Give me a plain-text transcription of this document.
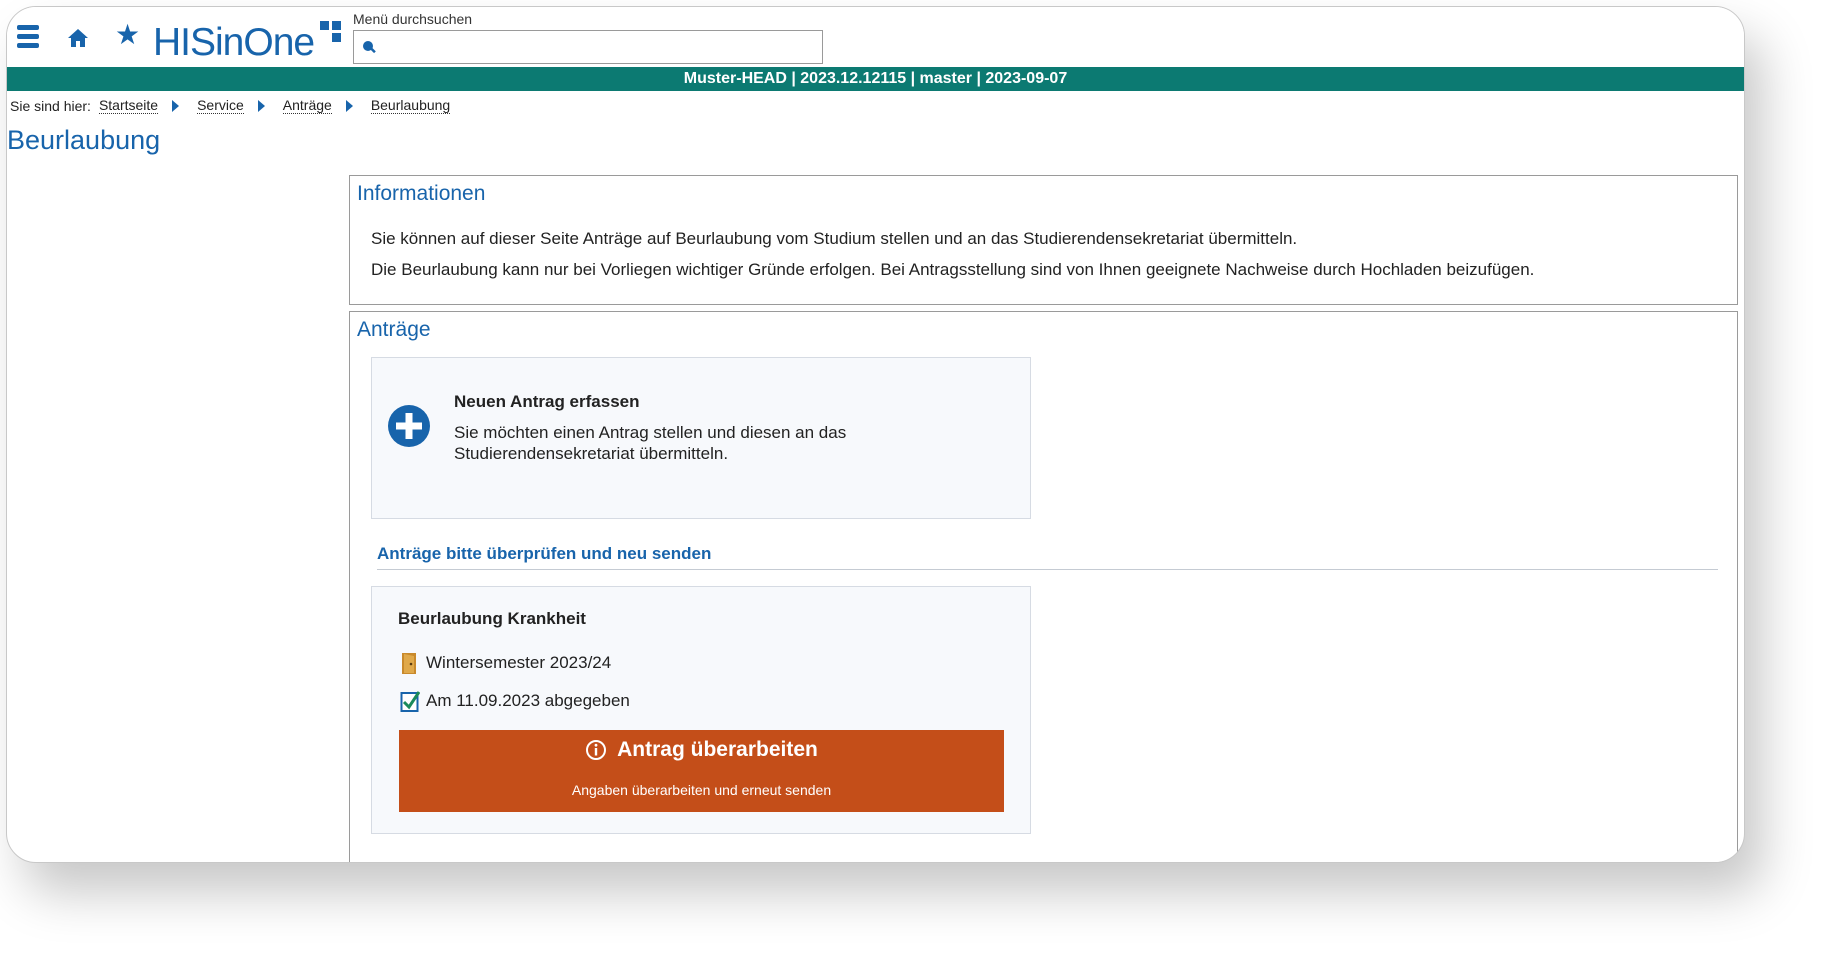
★ HISinOne
Menü durchsuchen
Muster-HEAD | 2023.12.12115 | master | 2023-09-07
Sie sind hier: Startseite	Service	Anträge	Beurlaubung
Beurlaubung
Informationen
Sie können auf dieser Seite Anträge auf Beurlaubung vom Studium stellen und an das Studierendensekretariat übermitteln.
Die Beurlaubung kann nur bei Vorliegen wichtiger Gründe erfolgen. Bei Antragsstellung sind von Ihnen geeignete Nachweise durch Hochladen beizufügen.
Anträge
Neuen Antrag erfassen
Sie möchten einen Antrag stellen und diesen an das Studierendensekretariat übermitteln.
Anträge bitte überprüfen und neu senden
Beurlaubung Krankheit
Wintersemester 2023/24
Am 11.09.2023 abgegeben
Antrag überarbeiten
Angaben überarbeiten und erneut senden
